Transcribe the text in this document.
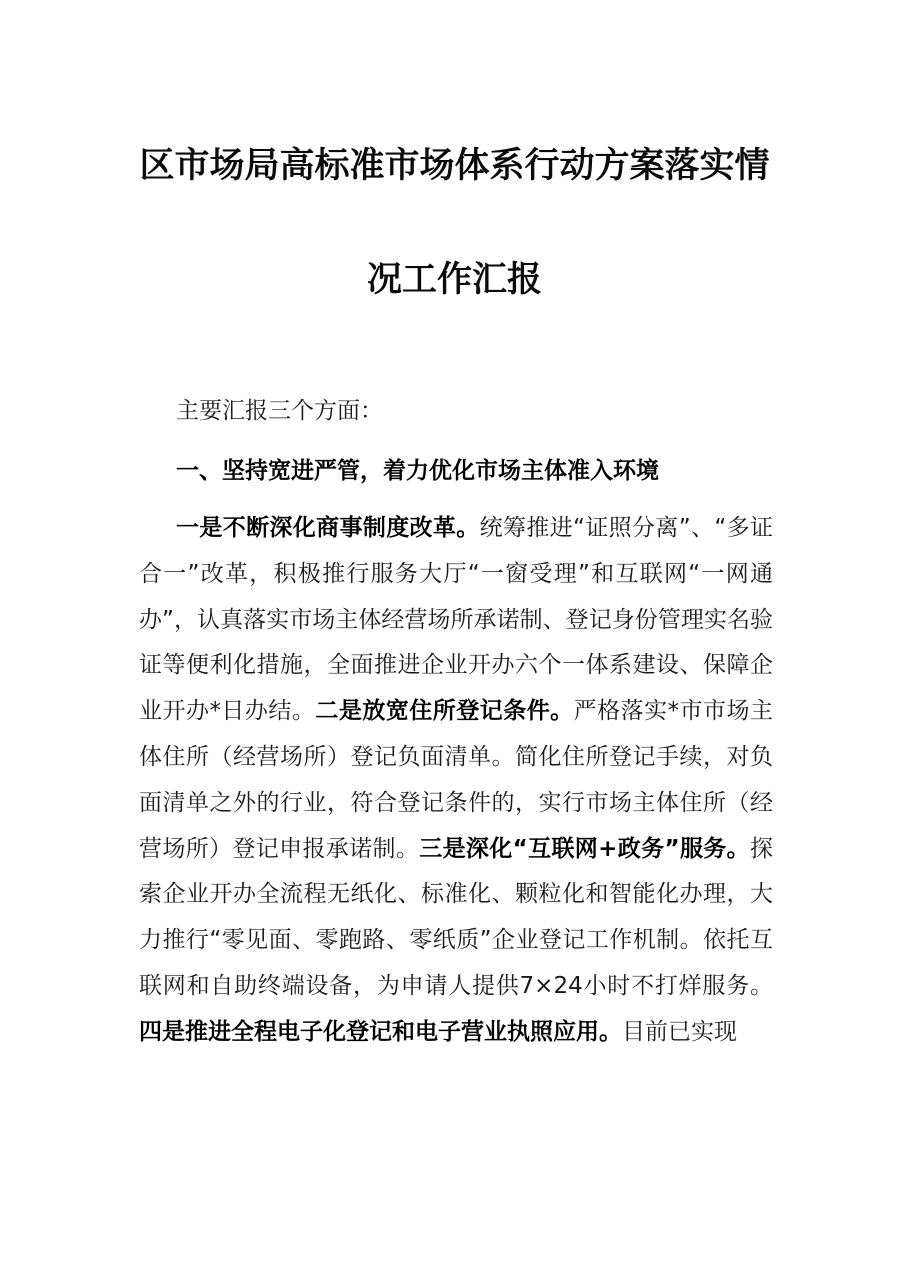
区市场局高标准市场体系行动方案落实情
况工作汇报

主要汇报三个方面：

一、坚持宽进严管，着力优化市场主体准入环境

一是不断深化商事制度改革。统筹推进“证照分离”、“多证合一”改革，积极推行服务大厅“一窗受理”和互联网“一网通办”，认真落实市场主体经营场所承诺制、登记身份管理实名验证等便利化措施，全面推进企业开办六个一体系建设、保障企业开办*日办结。二是放宽住所登记条件。严格落实*市市场主体住所（经营场所）登记负面清单。简化住所登记手续，对负面清单之外的行业，符合登记条件的，实行市场主体住所（经营场所）登记申报承诺制。三是深化“互联网+政务”服务。探索企业开办全流程无纸化、标准化、颗粒化和智能化办理，大力推行“零见面、零跑路、零纸质”企业登记工作机制。依托互联网和自助终端设备，为申请人提供7×24小时不打烊服务。四是推进全程电子化登记和电子营业执照应用。目前已实现
